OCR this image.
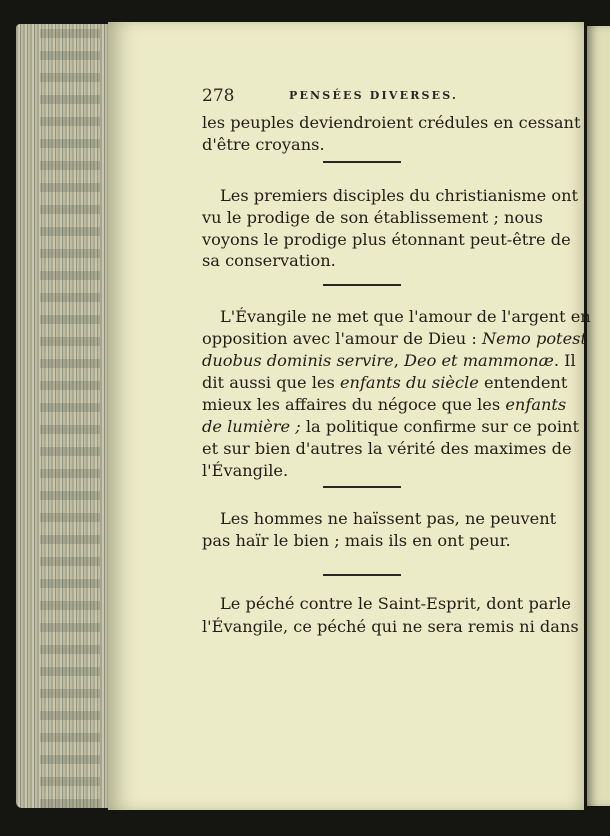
278	PENSÉES DIVERSES.
les peuples deviendroient crédules en cessant
d'être croyans.
Les premiers disciples du christianisme ont
vu le prodige de son établissement ; nous
voyons le prodige plus étonnant peut-être de
sa conservation.
L'Évangile ne met que l'amour de l'argent en
opposition avec l'amour de Dieu : Nemo potest
duobus dominis servire, Deo et mammonæ. Il
dit aussi que les enfants du siècle entendent
mieux les affaires du négoce que les enfants
de lumière ; la politique confirme sur ce point
et sur bien d'autres la vérité des maximes de
l'Évangile.
Les hommes ne haïssent pas, ne peuvent
pas haïr le bien ; mais ils en ont peur.
Le péché contre le Saint-Esprit, dont parle
l'Évangile, ce péché qui ne sera remis ni dans
